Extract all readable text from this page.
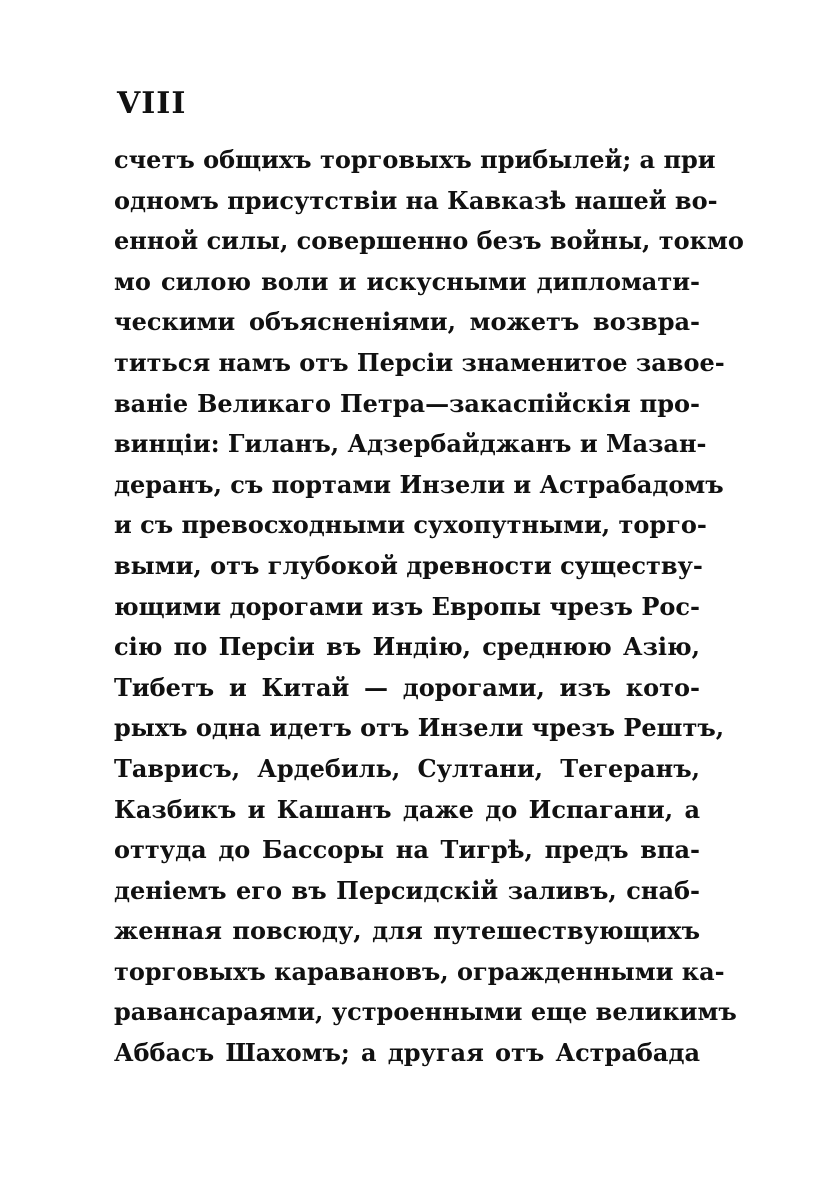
VIII
счетъ общихъ торговыхъ прибылей; а при
одномъ присутствіи на Кавказѣ нашей во-
енной силы, совершенно безъ войны, токмо
мо силою воли и искусными дипломати-
ческими объясненіями, можетъ возвра-
титься намъ отъ Персіи знаменитое завое-
ваніе Великаго Петра—закаспійскія про-
винціи: Гиланъ, Адзербайджанъ и Мазан-
деранъ, съ портами Инзели и Астрабадомъ
и съ превосходными сухопутными, торго-
выми, отъ глубокой древности существу-
ющими дорогами изъ Европы чрезъ Рос-
сію по Персіи въ Индію, среднюю Азію,
Тибетъ и Китай — дорогами, изъ кото-
рыхъ одна идетъ отъ Инзели чрезъ Рештъ,
Таврисъ, Ардебиль, Султани, Тегеранъ,
Казбикъ и Кашанъ даже до Испагани, а
оттуда до Бассоры на Тигрѣ, предъ впа-
деніемъ его въ Персидскій заливъ, снаб-
женная повсюду, для путешествующихъ
торговыхъ каравановъ, огражденными ка-
равансараями, устроенными еще великимъ
Аббасъ Шахомъ; а другая отъ Астрабада
